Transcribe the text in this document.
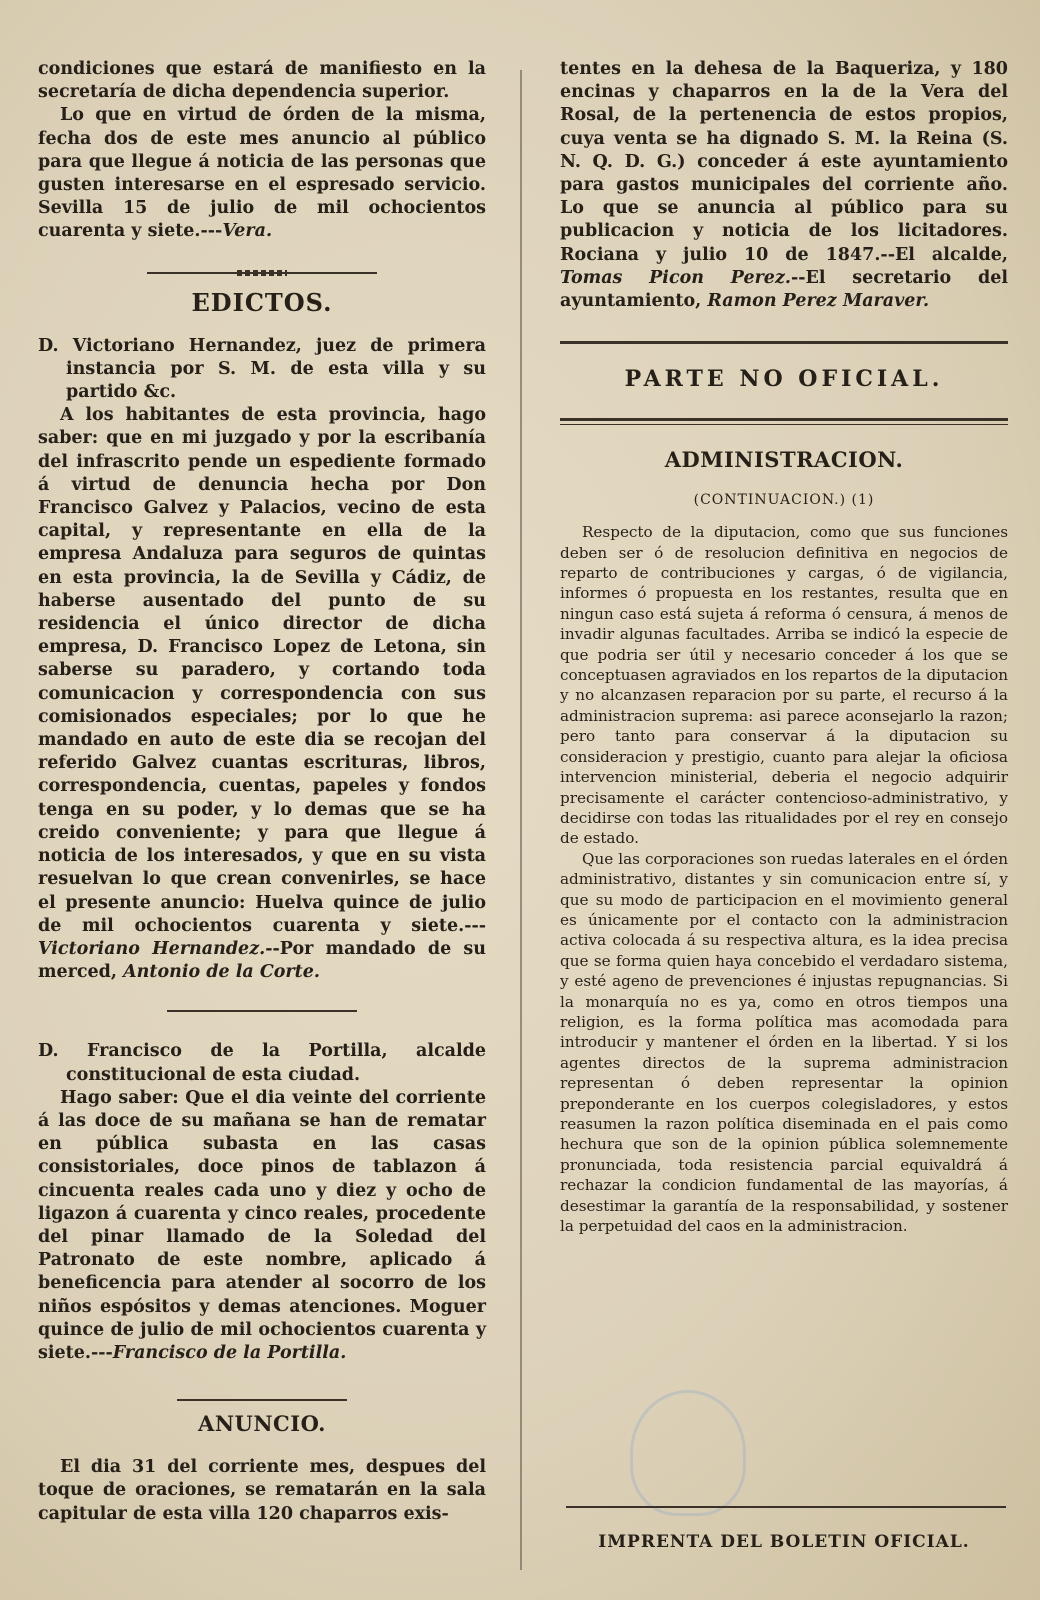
condiciones que estará de manifiesto en la secretaría de dicha dependencia superior.

Lo que en virtud de órden de la misma, fecha dos de este mes anuncio al público para que llegue á noticia de las personas que gusten interesarse en el espresado servicio. Sevilla 15 de julio de mil ochocientos cuarenta y siete.---Vera.

EDICTOS.

D. Victoriano Hernandez, juez de primera instancia por S. M. de esta villa y su partido &c.

A los habitantes de esta provincia, hago saber: que en mi juzgado y por la escribanía del infrascrito pende un espediente formado á virtud de denuncia hecha por Don Francisco Galvez y Palacios, vecino de esta capital, y representante en ella de la empresa Andaluza para seguros de quintas en esta provincia, la de Sevilla y Cádiz, de haberse ausentado del punto de su residencia el único director de dicha empresa, D. Francisco Lopez de Letona, sin saberse su paradero, y cortando toda comunicacion y correspondencia con sus comisionados especiales; por lo que he mandado en auto de este dia se recojan del referido Galvez cuantas escrituras, libros, correspondencia, cuentas, papeles y fondos tenga en su poder, y lo demas que se ha creido conveniente; y para que llegue á noticia de los interesados, y que en su vista resuelvan lo que crean convenirles, se hace el presente anuncio: Huelva quince de julio de mil ochocientos cuarenta y siete.---Victoriano Hernandez.--Por mandado de su merced, Antonio de la Corte.

D. Francisco de la Portilla, alcalde constitucional de esta ciudad.

Hago saber: Que el dia veinte del corriente á las doce de su mañana se han de rematar en pública subasta en las casas consistoriales, doce pinos de tablazon á cincuenta reales cada uno y diez y ocho de ligazon á cuarenta y cinco reales, procedente del pinar llamado de la Soledad del Patronato de este nombre, aplicado á beneficencia para atender al socorro de los niños espósitos y demas atenciones. Moguer quince de julio de mil ochocientos cuarenta y siete.---Francisco de la Portilla.

ANUNCIO.

El dia 31 del corriente mes, despues del toque de oraciones, se rematarán en la sala capitular de esta villa 120 chaparros exis-

tentes en la dehesa de la Baqueriza, y 180 encinas y chaparros en la de la Vera del Rosal, de la pertenencia de estos propios, cuya venta se ha dignado S. M. la Reina (S. N. Q. D. G.) conceder á este ayuntamiento para gastos municipales del corriente año. Lo que se anuncia al público para su publicacion y noticia de los licitadores. Rociana y julio 10 de 1847.--El alcalde, Tomas Picon Perez.--El secretario del ayuntamiento, Ramon Perez Maraver.

PARTE NO OFICIAL.
ADMINISTRACION.
(CONTINUACION.) (1)

Respecto de la diputacion, como que sus funciones deben ser ó de resolucion definitiva en negocios de reparto de contribuciones y cargas, ó de vigilancia, informes ó propuesta en los restantes, resulta que en ningun caso está sujeta á reforma ó censura, á menos de invadir algunas facultades. Arriba se indicó la especie de que podria ser útil y necesario conceder á los que se conceptuasen agraviados en los repartos de la diputacion y no alcanzasen reparacion por su parte, el recurso á la administracion suprema: asi parece aconsejarlo la razon; pero tanto para conservar á la diputacion su consideracion y prestigio, cuanto para alejar la oficiosa intervencion ministerial, deberia el negocio adquirir precisamente el carácter contencioso-administrativo, y decidirse con todas las ritualidades por el rey en consejo de estado.

Que las corporaciones son ruedas laterales en el órden administrativo, distantes y sin comunicacion entre sí, y que su modo de participacion en el movimiento general es únicamente por el contacto con la administracion activa colocada á su respectiva altura, es la idea precisa que se forma quien haya concebido el verdadaro sistema, y esté ageno de prevenciones é injustas repugnancias. Si la monarquía no es ya, como en otros tiempos una religion, es la forma política mas acomodada para introducir y mantener el órden en la libertad. Y si los agentes directos de la suprema administracion representan ó deben representar la opinion preponderante en los cuerpos colegisladores, y estos reasumen la razon política diseminada en el pais como hechura que son de la opinion pública solemnemente pronunciada, toda resistencia parcial equivaldrá á rechazar la condicion fundamental de las mayorías, á desestimar la garantía de la responsabilidad, y sostener la perpetuidad del caos en la administracion.

IMPRENTA DEL BOLETIN OFICIAL.
